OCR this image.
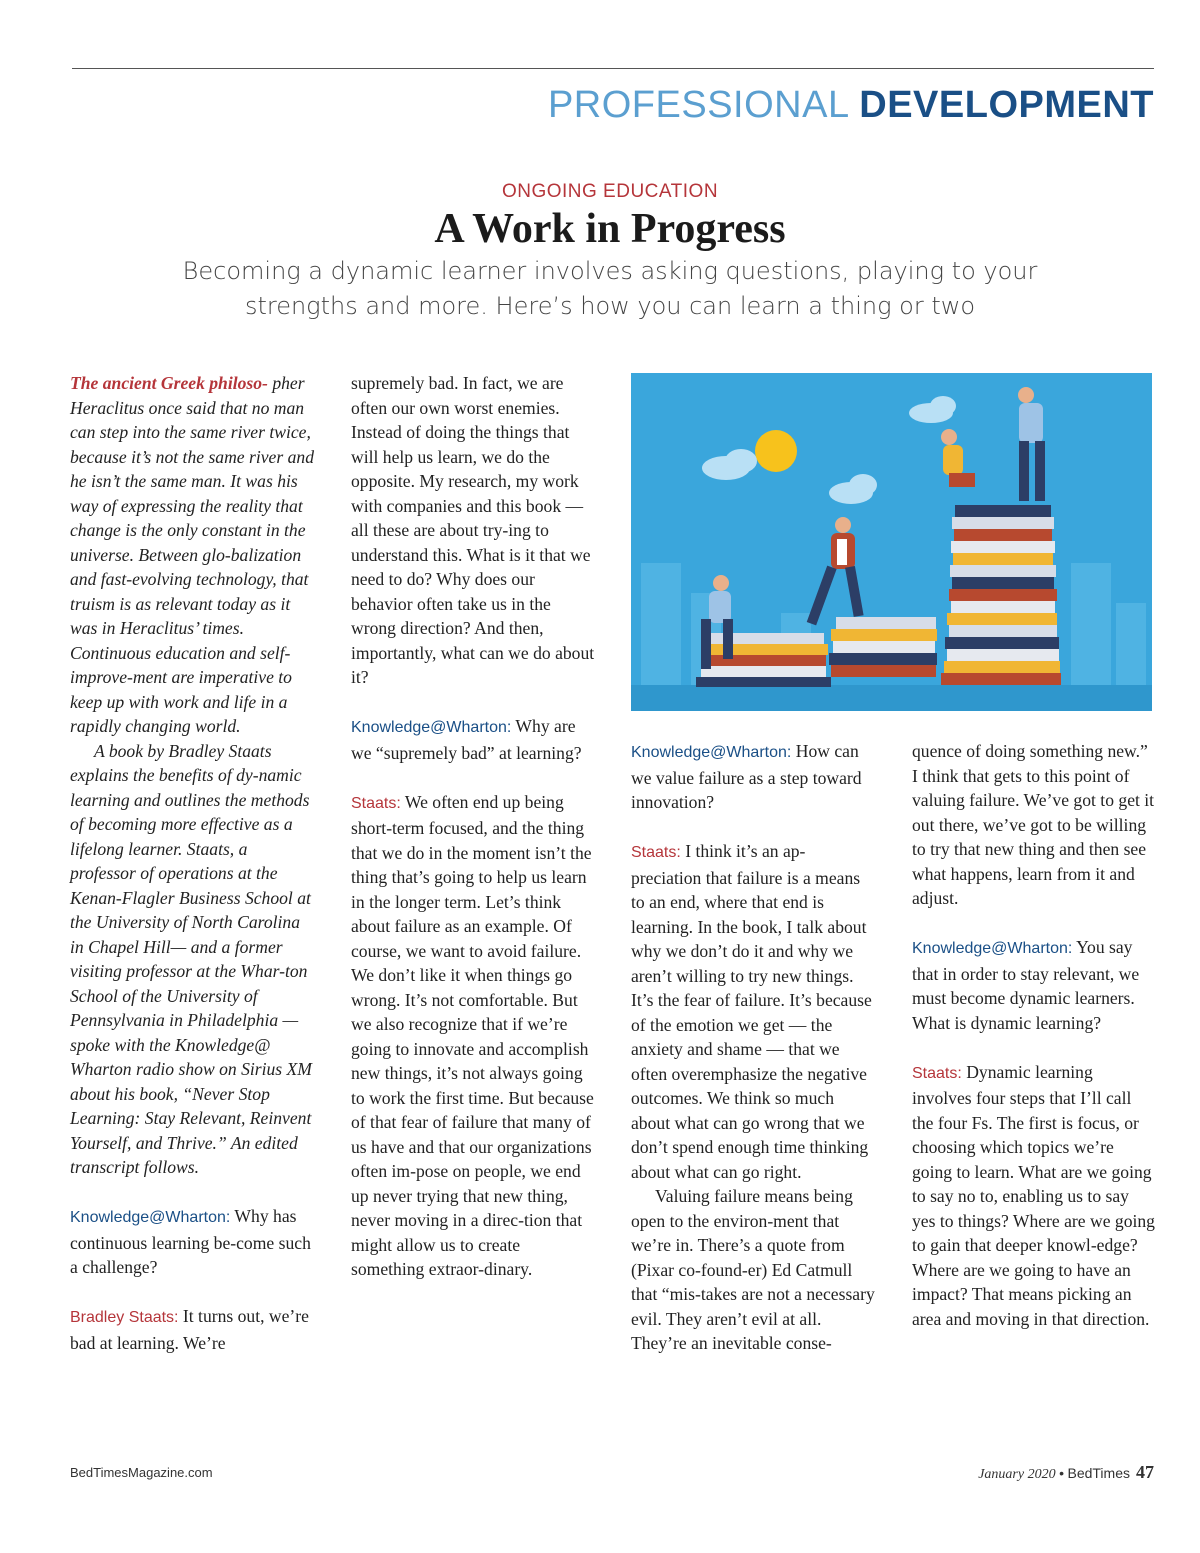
PROFESSIONAL DEVELOPMENT
ONGOING EDUCATION
A Work in Progress
Becoming a dynamic learner involves asking questions, playing to your
strengths and more. Here’s how you can learn a thing or two

The ancient Greek philoso- pher Heraclitus once said that no man can step into the same river twice, because it’s not the same river and he isn’t the same man. It was his way of expressing the reality that change is the only constant in the universe. Between glo-balization and fast-evolving technology, that truism is as relevant today as it was in Heraclitus’ times. Continuous education and self-improve-ment are imperative to keep up with work and life in a rapidly changing world.

A book by Bradley Staats explains the benefits of dy-namic learning and outlines the methods of becoming more effective as a lifelong learner. Staats, a professor of operations at the Kenan-Flagler Business School at the University of North Carolina in Chapel Hill— and a former visiting professor at the Whar-ton School of the University of Pennsylvania in Philadelphia — spoke with the Knowledge@ Wharton radio show on Sirius XM about his book, “Never Stop Learning: Stay Relevant, Reinvent Yourself, and Thrive.” An edited transcript follows.

Knowledge@Wharton: Why has continuous learning be-come such a challenge?

Bradley Staats: It turns out, we’re bad at learning. We’re

supremely bad. In fact, we are often our own worst enemies. Instead of doing the things that will help us learn, we do the opposite. My research, my work with companies and this book — all these are about try-ing to understand this. What is it that we need to do? Why does our behavior often take us in the wrong direction? And then, importantly, what can we do about it?

Knowledge@Wharton: Why are we “supremely bad” at learning?

Staats: We often end up being short-term focused, and the thing that we do in the moment isn’t the thing that’s going to help us learn in the longer term. Let’s think about failure as an example. Of course, we want to avoid failure. We don’t like it when things go wrong. It’s not comfortable. But we also recognize that if we’re going to innovate and accomplish new things, it’s not always going to work the first time. But because of that fear of failure that many of us have and that our organizations often im-pose on people, we end up never trying that new thing, never moving in a direc-tion that might allow us to create something extraor-dinary.

Knowledge@Wharton: How can we value failure as a step toward innovation?

Staats: I think it’s an ap-preciation that failure is a means to an end, where that end is learning. In the book, I talk about why we don’t do it and why we aren’t willing to try new things. It’s the fear of failure. It’s because of the emotion we get — the anxiety and shame — that we often overemphasize the negative outcomes. We think so much about what can go wrong that we don’t spend enough time thinking about what can go right.

Valuing failure means being open to the environ-ment that we’re in. There’s a quote from (Pixar co-found-er) Ed Catmull that “mis-takes are not a necessary evil. They aren’t evil at all. They’re an inevitable conse-

quence of doing something new.” I think that gets to this point of valuing failure. We’ve got to get it out there, we’ve got to be willing to try that new thing and then see what happens, learn from it and adjust.

Knowledge@Wharton: You say that in order to stay relevant, we must become dynamic learners. What is dynamic learning?

Staats: Dynamic learning involves four steps that I’ll call the four Fs. The first is focus, or choosing which topics we’re going to learn. What are we going to say no to, enabling us to say yes to things? Where are we going to gain that deeper knowl-edge? Where are we going to have an impact? That means picking an area and moving in that direction.

BedTimesMagazine.com	January 2020 • BedTimes 47
